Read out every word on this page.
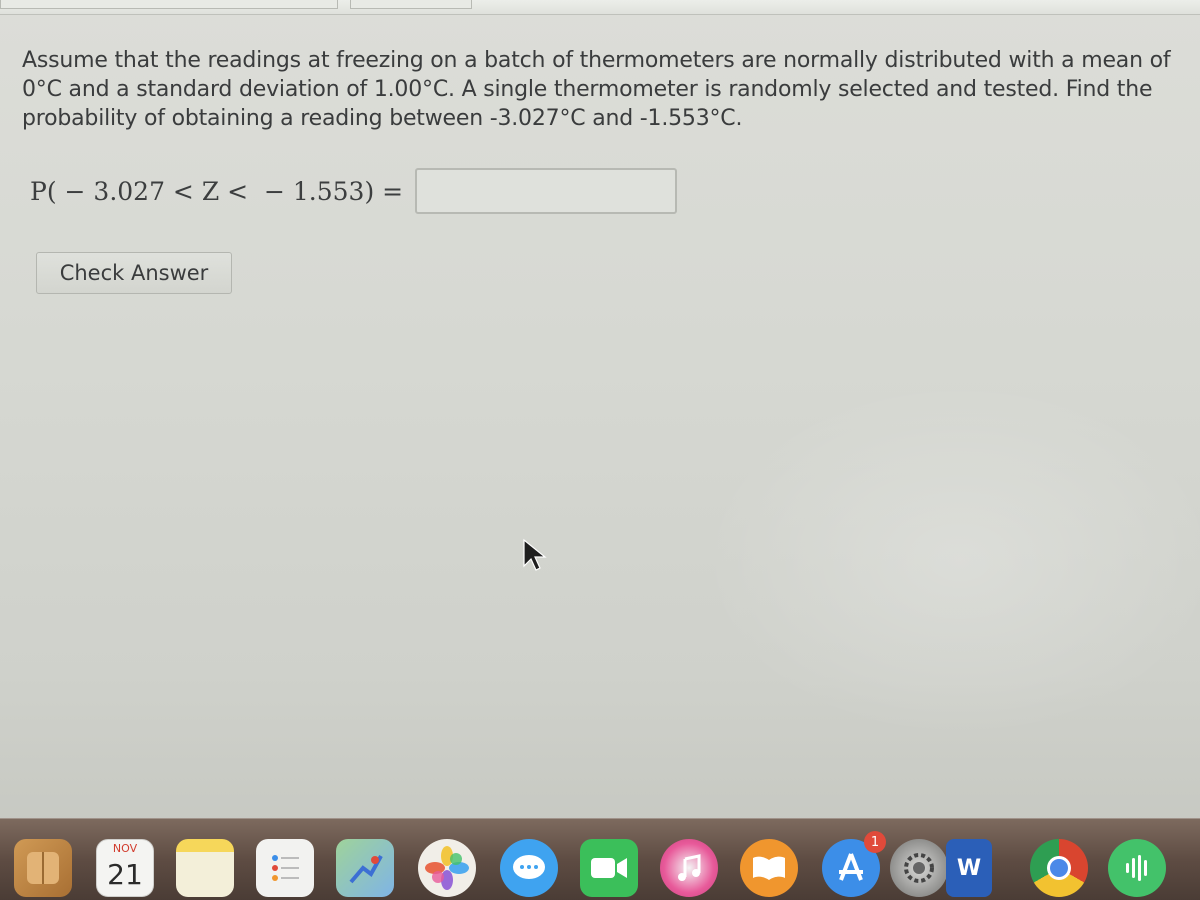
Assume that the readings at freezing on a batch of thermometers are normally distributed with a mean of 0°C and a standard deviation of 1.00°C. A single thermometer is randomly selected and tested. Find the probability of obtaining a reading between -3.027°C and -1.553°C.
P( − 3.027 < Z <  − 1.553) =
Check Answer
NOV
21
1
W
